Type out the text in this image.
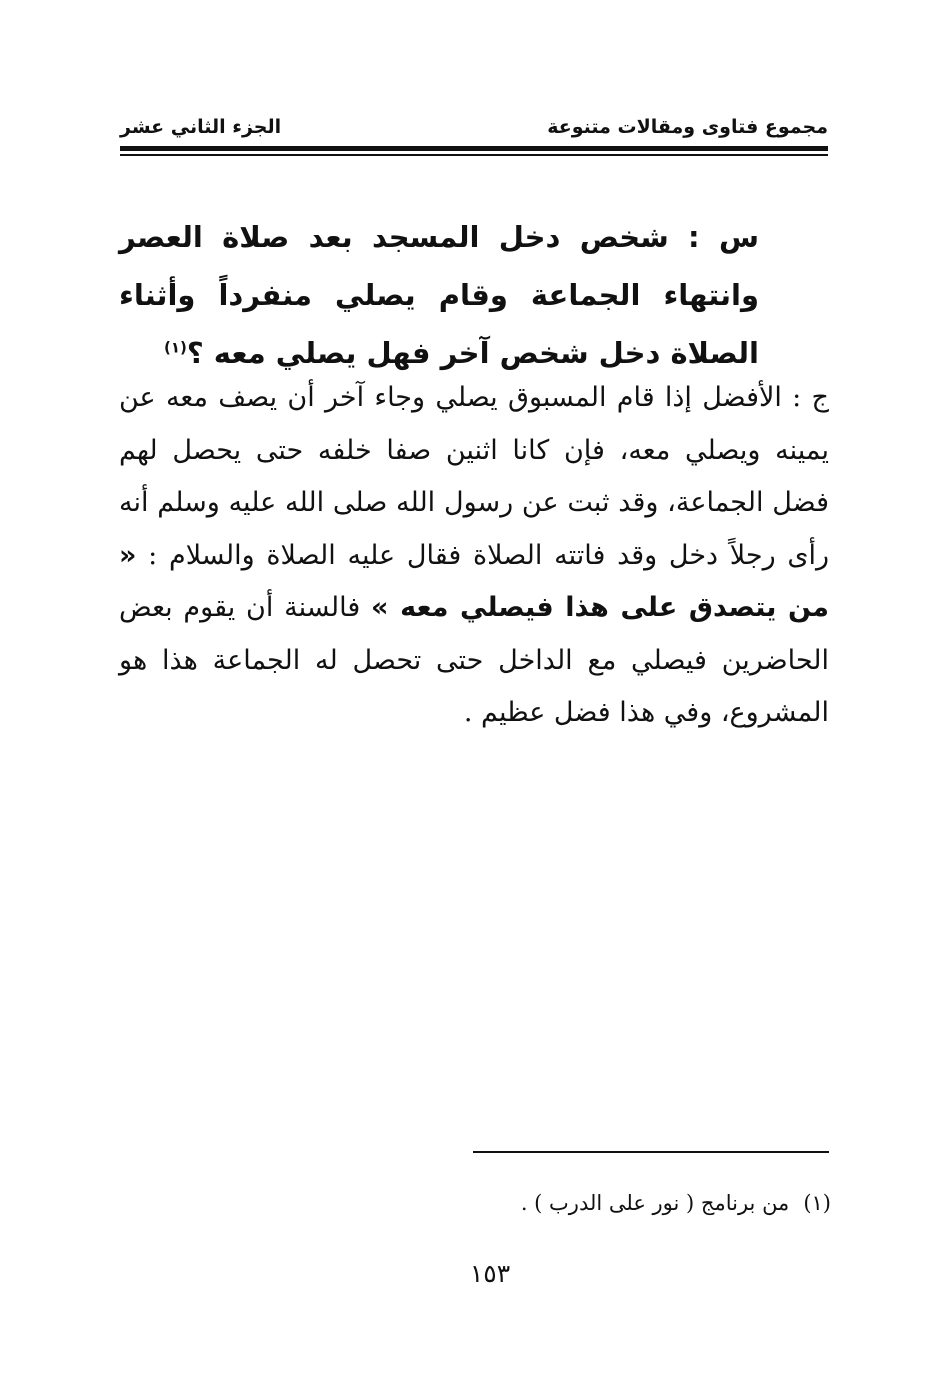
مجموع فتاوى ومقالات متنوعة
الجزء الثاني عشر
س : شخص دخل المسجد بعد صلاة العصر وانتهاء الجماعة وقام يصلي منفرداً وأثناء الصلاة دخل شخص آخر فهل يصلي معه ؟$^{(١)}$
ج : الأفضل إذا قام المسبوق يصلي وجاء آخر أن يصف معه عن يمينه ويصلي معه، فإن كانا اثنين صفا خلفه حتى يحصل لهم فضل الجماعة، وقد ثبت عن رسول الله صلى الله عليه وسلم أنه رأى رجلاً دخل وقد فاتته الصلاة فقال عليه الصلاة والسلام : « من يتصدق على هذا فيصلي معه » فالسنة أن يقوم بعض الحاضرين فيصلي مع الداخل حتى تحصل له الجماعة هذا هو المشروع، وفي هذا فضل عظيم .
(١)من برنامج ( نور على الدرب ) .
١٥٣
